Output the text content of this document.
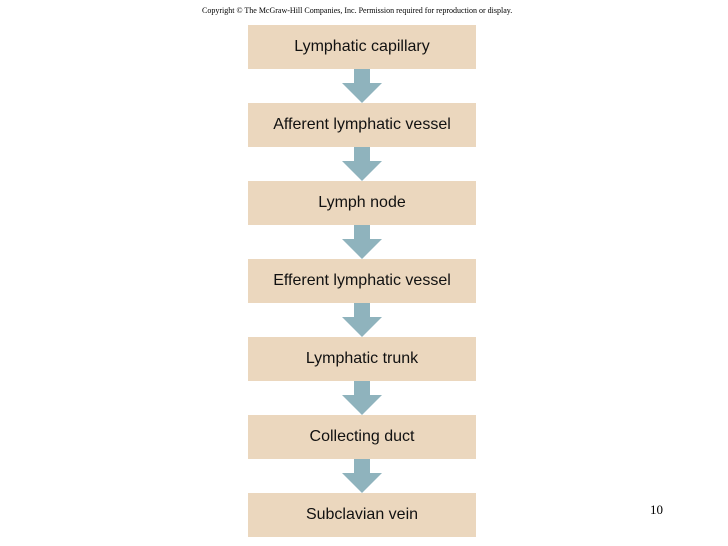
Copyright © The McGraw-Hill Companies, Inc. Permission required for reproduction or display.

Lymphatic capillary
Afferent lymphatic vessel
Lymph node
Efferent lymphatic vessel
Lymphatic trunk
Collecting duct
Subclavian vein	10
